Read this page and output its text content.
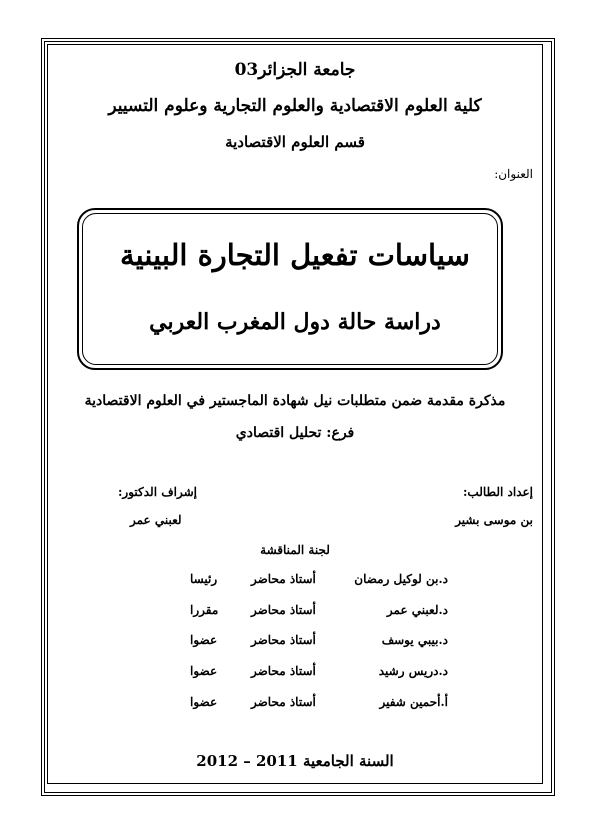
جامعة الجزائر03
كلية العلوم الاقتصادية والعلوم التجارية وعلوم التسيير
قسم العلوم الاقتصادية
العنوان:
سياسات تفعيل التجارة البينية
دراسة حالة دول المغرب العربي
مذكرة مقدمة ضمن متطلبات نيل شهادة الماجستير في العلوم الاقتصادية
فرع: تحليل اقتصادي
إعداد الطالب:
بن موسى بشير
إشراف الدكتور:
لعبني عمر
لجنة المناقشة
د.بن لوكيل رمضان
أستاذ محاضر
رئيسا
د.لعبني عمر
أستاذ محاضر
مقررا
د.بيبي يوسف
أستاذ محاضر
عضوا
د.دريس رشيد
أستاذ محاضر
عضوا
أ.أحمين شفير
أستاذ محاضر
عضوا
السنة الجامعية 2011 – 2012
